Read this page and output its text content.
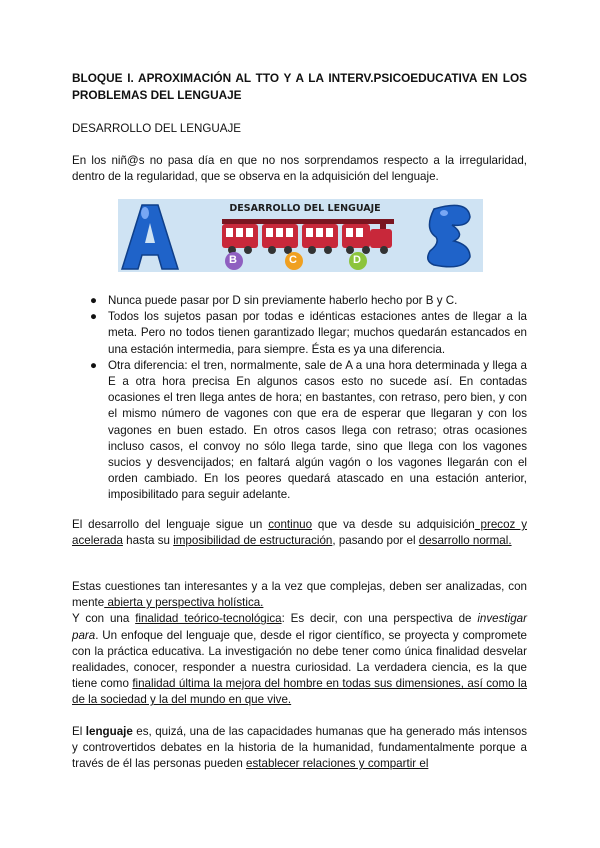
BLOQUE I. APROXIMACIÓN AL TTO Y A LA INTERV.PSICOEDUCATIVA EN LOS PROBLEMAS DEL LENGUAJE
DESARROLLO DEL LENGUAJE
En los niñ@s no pasa día en que no nos sorprendamos respecto a la irregularidad, dentro de la regularidad, que se observa en la adquisición del lenguaje.
DESARROLLO DEL LENGUAJE
B	C	D
● Nunca puede pasar por D sin previamente haberlo hecho por B y C.
● Todos los sujetos pasan por todas e idénticas estaciones antes de llegar a la meta. Pero no todos tienen garantizado llegar; muchos quedarán estancados en una estación intermedia, para siempre. Ésta es ya una diferencia.
● Otra diferencia: el tren, normalmente, sale de A a una hora determinada y llega a E a otra hora precisa En algunos casos esto no sucede así. En contadas ocasiones el tren llega antes de hora; en bastantes, con retraso, pero bien, y con el mismo número de vagones con que era de esperar que llegaran y con los vagones en buen estado. En otros casos llega con retraso; otras ocasiones incluso casos, el convoy no sólo llega tarde, sino que llega con los vagones sucios y desvencijados; en faltará algún vagón o los vagones llegarán con el orden cambiado. En los peores quedará atascado en una estación anterior, imposibilitado para seguir adelante.
El desarrollo del lenguaje sigue un continuo que va desde su adquisición precoz y acelerada hasta su imposibilidad de estructuración, pasando por el desarrollo normal.
Estas cuestiones tan interesantes y a la vez que complejas, deben ser analizadas, con mente abierta y perspectiva holística.
Y con una finalidad teórico-tecnológica: Es decir, con una perspectiva de investigar para. Un enfoque del lenguaje que, desde el rigor científico, se proyecta y compromete con la práctica educativa. La investigación no debe tener como única finalidad desvelar realidades, conocer, responder a nuestra curiosidad. La verdadera ciencia, es la que tiene como finalidad última la mejora del hombre en todas sus dimensiones, así como la de la sociedad y la del mundo en que vive.
El lenguaje es, quizá, una de las capacidades humanas que ha generado más intensos y controvertidos debates en la historia de la humanidad, fundamentalmente porque a través de él las personas pueden establecer relaciones y compartir el
